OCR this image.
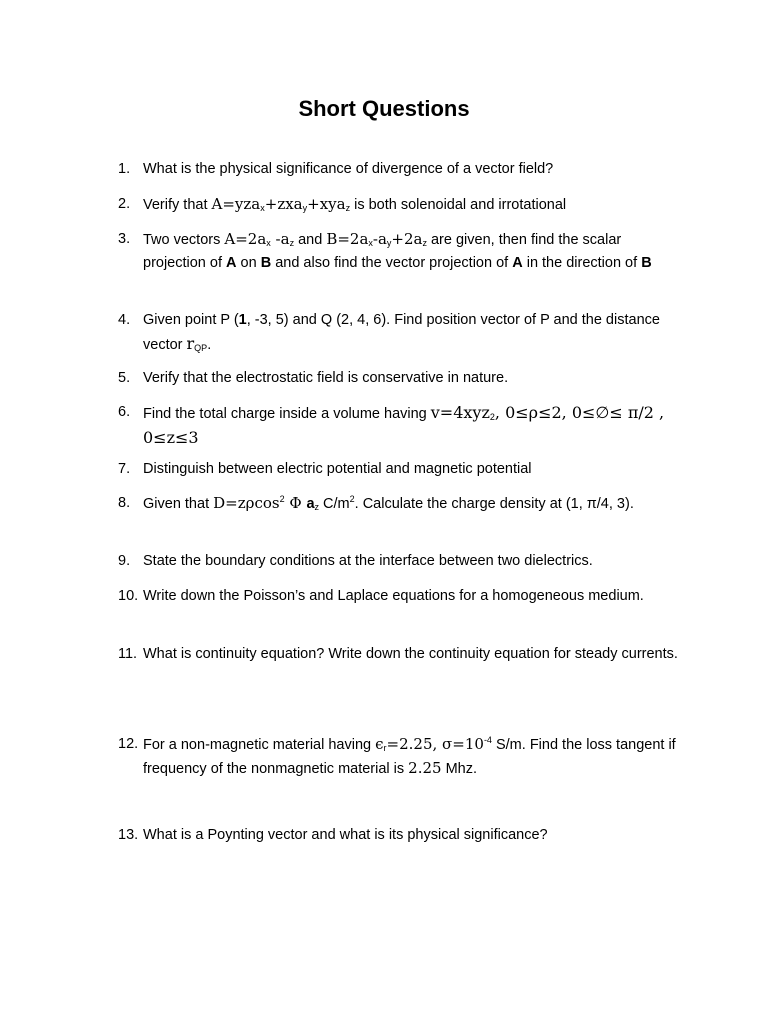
Short Questions
1. What is the physical significance of divergence of a vector field?
2. Verify that A=yza$_x$+zxa$_y$+xya$_z$ is both solenoidal and irrotational
3. Two vectors $A=2a_x$ $-a_z$ and $B=2a_x-a_y+2a_z$ are given, then find the scalar projection of A on B and also find the vector projection of A in the direction of B
4. Given point P (1, -3, 5) and Q (2, 4, 6). Find position vector of P and the distance vector $r_{QP}$.
5. Verify that the electrostatic field is conservative in nature.
6. Find the total charge inside a volume having v=4xyz$_2$, 0≤ρ≤2, 0≤∅≤ π/2 , 0≤z≤3
7. Distinguish between electric potential and magnetic potential
8. Given that D=zρcos$^2$ Φ $a_z$ $C/m^2$. Calculate the charge density at (1, π/4, 3).
9. State the boundary conditions at the interface between two dielectrics.
10. Write down the Poisson’s and Laplace equations for a homogeneous medium.
11. What is continuity equation? Write down the continuity equation for steady currents.
12. For a non-magnetic material having $\epsilon_r=2.25$, $\sigma=10^{-4}$ S/m. Find the loss tangent if frequency of the nonmagnetic material is 2.25 Mhz.
13. What is a Poynting vector and what is its physical significance?
